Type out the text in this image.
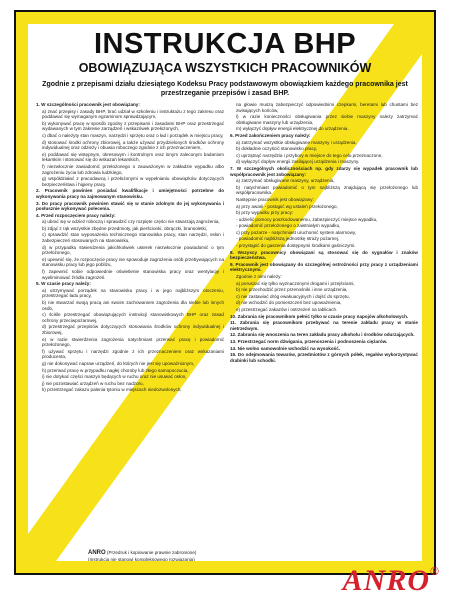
INSTRUKCJA BHP
OBOWIĄZUJĄCA WSZYSTKICH PRACOWNIKÓW
Zgodnie z przepisami działu dziesiątego Kodeksu Pracy podstawowym obowiązkiem każdego pracownika jest przestrzeganie przepisów i zasad BHP.

1. W szczególności pracownik jest obowiązany:

a) znać przepisy i zasady BHP, brać udział w szkoleniu i instruktażu z tego zakresu oraz poddawać się wymaganym egzaminom sprawdzającym,

b) wykonywać pracę w sposób zgodny z przepisami i zasadami BHP oraz przestrzegać wydawanych w tym zakresie zarządzeń i wskazówek przełożonych,

c) dbać o należyty stan maszyn, narzędzi i sprzętu oraz o ład i porządek w miejscu pracy,

d) stosować środki ochrony zbiorowej, a także używać przydzielonych środków ochrony indywidualnej oraz odzieży i obuwia roboczego zgodnie z ich przeznaczeniem,

e) poddawać się wstępnym, okresowym i kontrolnym oraz innym zaleconym badaniom lekarskim i stosować się do wskazań lekarskich,

f) niezwłocznie zawiadomić przełożonego o zauważonym w zakładzie wypadku albo zagrożeniu życia lub zdrowia ludzkiego,

g) współdziałać z pracodawcą i przełożonymi w wypełnianiu obowiązków dotyczących bezpieczeństwa i higieny pracy.

2. Pracownik powinien posiadać kwalifikacje i umiejętności potrzebne do wykonywania pracy na zajmowanym stanowisku.

3. Do pracy pracownik powinien stawić się w stanie zdolnym do jej wykonywania i posłusznie wykonywać polecenia.

4. Przed rozpoczęciem pracy należy:

a) ubrać się w odzież roboczą i sprawdzić czy rozpięte części nie stwarzają zagrożenia,

b) zdjąć z rąk wszystkie zbędne przedmioty, jak pierścionki, obrączki, bransoletki,

c) sprawdzić stan wyposażenia technicznego stanowiska pracy, stan narzędzi, osłon i zabezpieczeń stosowanych na stanowisku,

d) w przypadku stwierdzenia jakichkolwiek usterek niezwłocznie powiadomić o tym przełożonego,

e) upewnić się, że rozpoczęcie pracy nie spowoduje zagrożenia osób przebywających na stanowisku pracy lub jego pobliżu,

f) zapewnić sobie odpowiednie oświetlenie stanowiska pracy oraz wentylację i wyeliminować źródła zagrożeń.

5. W czasie pracy należy:

a) utrzymywać porządek na stanowisku pracy i w jego najbliższym otoczeniu, przestrzegać ładu pracy,

b) nie stwarzać swoją pracą ani swoim zachowaniem zagrożenia dla siebie lub innych osób,

c) ściśle przestrzegać obowiązujących instrukcji stanowiskowych BHP oraz zasad ochrony przeciwpożarowej,

d) przestrzegać przepisów dotyczących stosowania środków ochrony indywidualnej i zbiorowej,

e) w razie stwierdzenia zagrożenia natychmiast przerwać pracę i powiadomić przełożonego,

f) używać sprzętu i narzędzi zgodnie z ich przeznaczeniem oraz wskazaniami producenta,

g) nie dokonywać napraw urządzeń, do których nie jest się upoważnionym,

h) przerwać pracę w przypadku nagłej choroby lub złego samopoczucia,

i) nie dotykać części maszyn będących w ruchu oraz nie usuwać osłon,

j) nie pozostawiać urządzeń w ruchu bez nadzoru,

k) przestrzegać zakazu palenia tytoniu w miejscach niedozwolonych.

na głowie muszą zabezpieczyć odpowiednimi czepkami, beretami lub chustami bez zwisających końców,

l) w razie konieczności obsługiwania przez siebie maszyny należy zatrzymać obsługiwane maszyny lub urządzenia,

m) wyłączyć dopływ energii elektrycznej do urządzenia.

6. Przed zakończeniem pracy należy:

a) zatrzymać wszystkie obsługiwane maszyny i urządzenia,

b) dokładnie oczyścić stanowisko pracy,

c) uprzątnąć narzędzia i przybory w miejsce do tego celu przeznaczone,

d) wyłączyć dopływ energii zasilającej urządzenia i maszyny.

7. W szczególnych okolicznościach np. gdy zdarzy się wypadek pracownik lub współpracownik jest zobowiązany:

a) zatrzymać obsługiwane maszyny, urządzenia,

b) natychmiast powiadomić o tym najbliższą znajdującą się przełożonego lub współpracownika.

Następnie pracownik jest obowiązany:

a) przy awarii - postąpić wg ustaleń przełożonego,

b) przy wypadku przy pracy:

- udzielić pomocy poszkodowanemu, zabezpieczyć miejsce wypadku,

- powiadomić przełożonego o zaistniałym wypadku,

c) przy pożarze - natychmiast uruchomić system alarmowy,

- powiadomić najbliższą jednostkę straży pożarnej,

- przystąpić do gaszenia dostępnymi środkami gaśniczymi.

8. Wszyscy pracownicy obowiązani są stosować się do sygnałów i znaków bezpieczeństwa.

9. Pracownik jest obowiązany do szczególnej ostrożności przy pracy z urządzeniami elektrycznymi.

Zgodnie z nimi należy:

a) poruszać się tylko wyznaczonymi drogami i przejściami,

b) nie przechodzić przez przenośniki i inne urządzenia,

c) nie zastawiać dróg ewakuacyjnych i dojść do sprzętu,

d) nie wchodzić do pomieszczeń bez upoważnienia,

e) przestrzegać zakazów i ostrzeżeń na tablicach.

10. Zabrania się pracownikom pełnić tylko w czasie pracy napojów alkoholowych.

11. Zabrania się pracownikom przebywać na terenie zakładu pracy w stanie nietrzeźwym.

12. Zabrania się wnoszenia na teren zakładu pracy alkoholu i środków odurzających.

13. Przestrzegać norm dźwigania, przenoszenia i podnoszenia ciężarów.

14. Nie wolno samowolnie wchodzić na wysokość.

15. Do odejmowania towarów, przedmiotów z górnych półek, regałów wykorzystywać drabinki lub schodki.

ANRO (Przedruk i kopiowanie prawnie zabronione)
(Instrukcja nie stanowi kompleksowego rozwiązania)
ANRO®
